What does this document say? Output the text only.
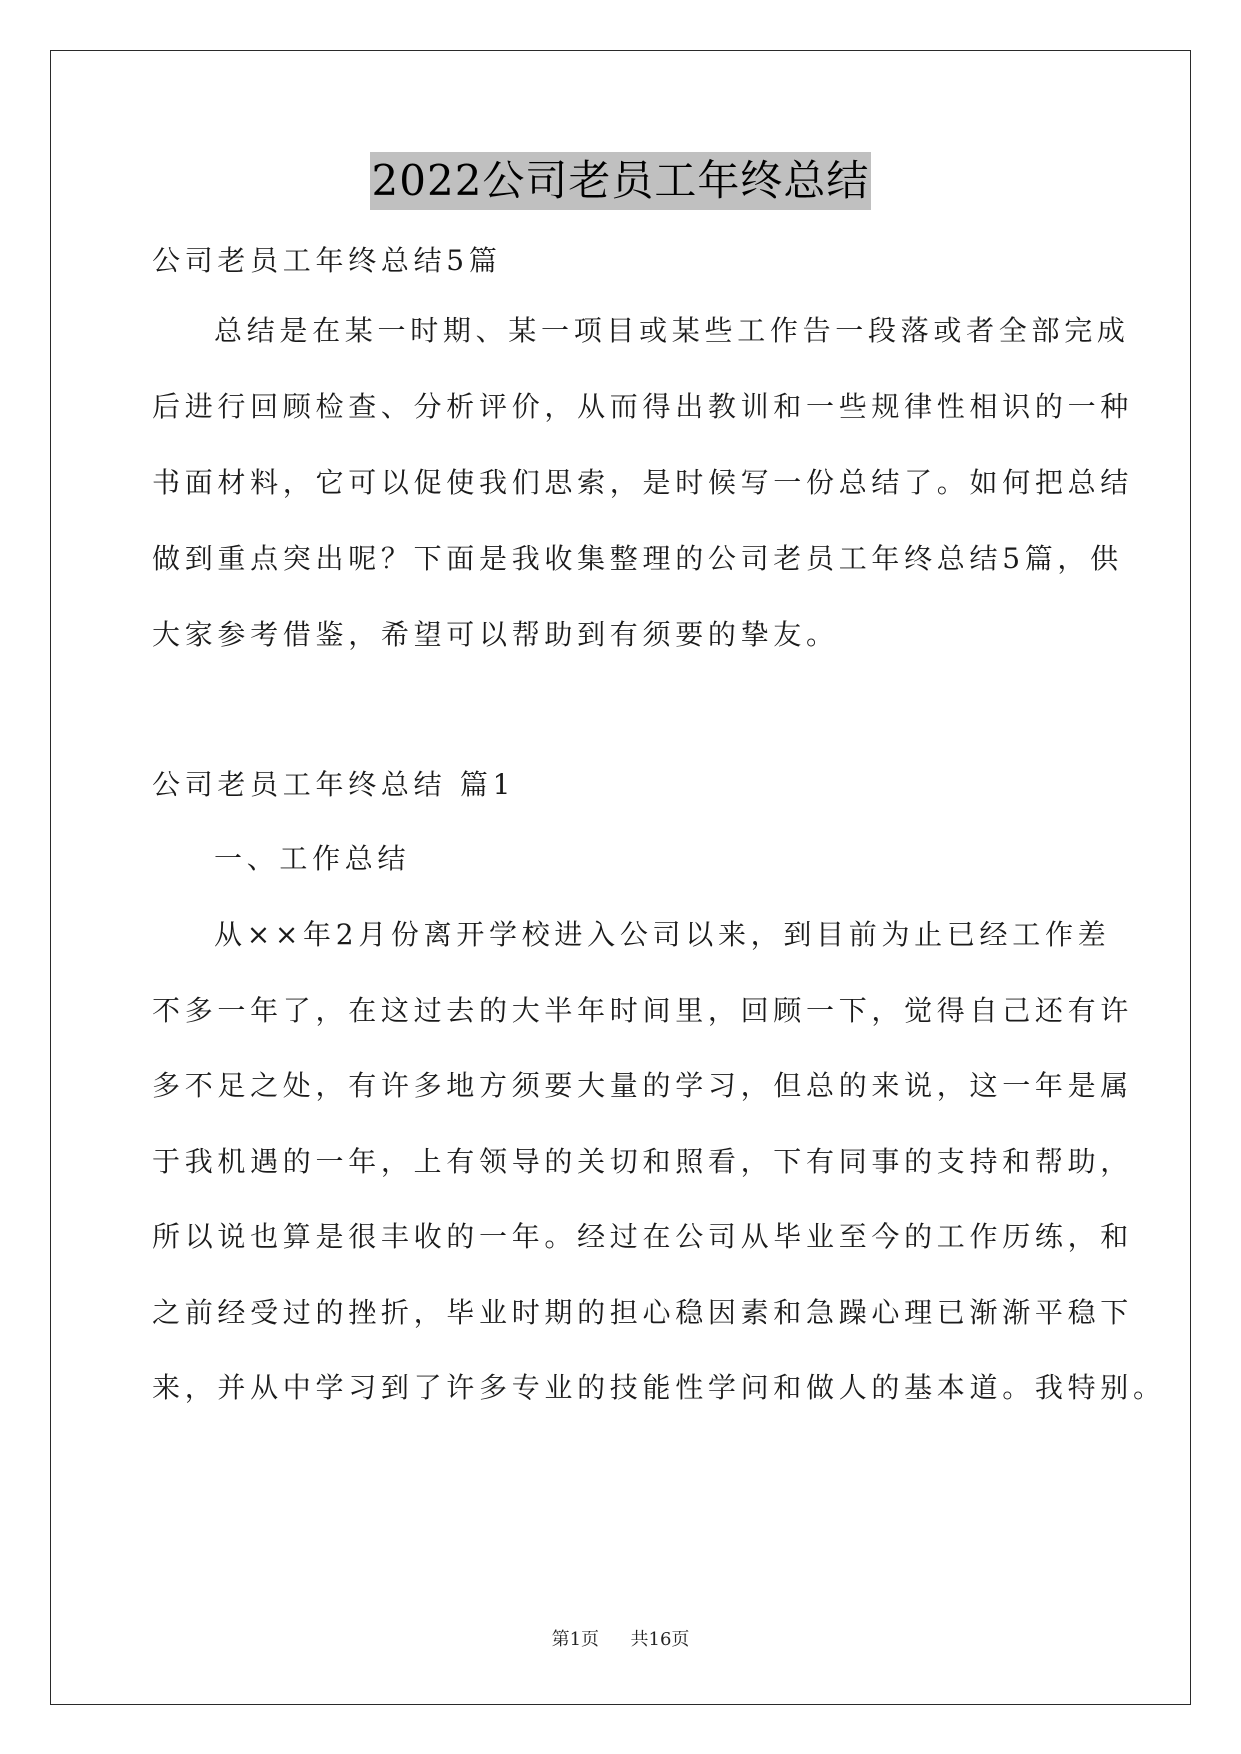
2022公司老员工年终总结
公司老员工年终总结5篇
总结是在某一时期、某一项目或某些工作告一段落或者全部完成
后进行回顾检查、分析评价，从而得出教训和一些规律性相识的一种
书面材料，它可以促使我们思索，是时候写一份总结了。如何把总结
做到重点突出呢？下面是我收集整理的公司老员工年终总结5篇，供
大家参考借鉴，希望可以帮助到有须要的挚友。
公司老员工年终总结 篇1
一、工作总结
从××年2月份离开学校进入公司以来，到目前为止已经工作差
不多一年了，在这过去的大半年时间里，回顾一下，觉得自己还有许
多不足之处，有许多地方须要大量的学习，但总的来说，这一年是属
于我机遇的一年，上有领导的关切和照看，下有同事的支持和帮助，
所以说也算是很丰收的一年。经过在公司从毕业至今的工作历练，和
之前经受过的挫折，毕业时期的担心稳因素和急躁心理已渐渐平稳下
来，并从中学习到了许多专业的技能性学问和做人的基本道。我特别。
第1页 共16页
